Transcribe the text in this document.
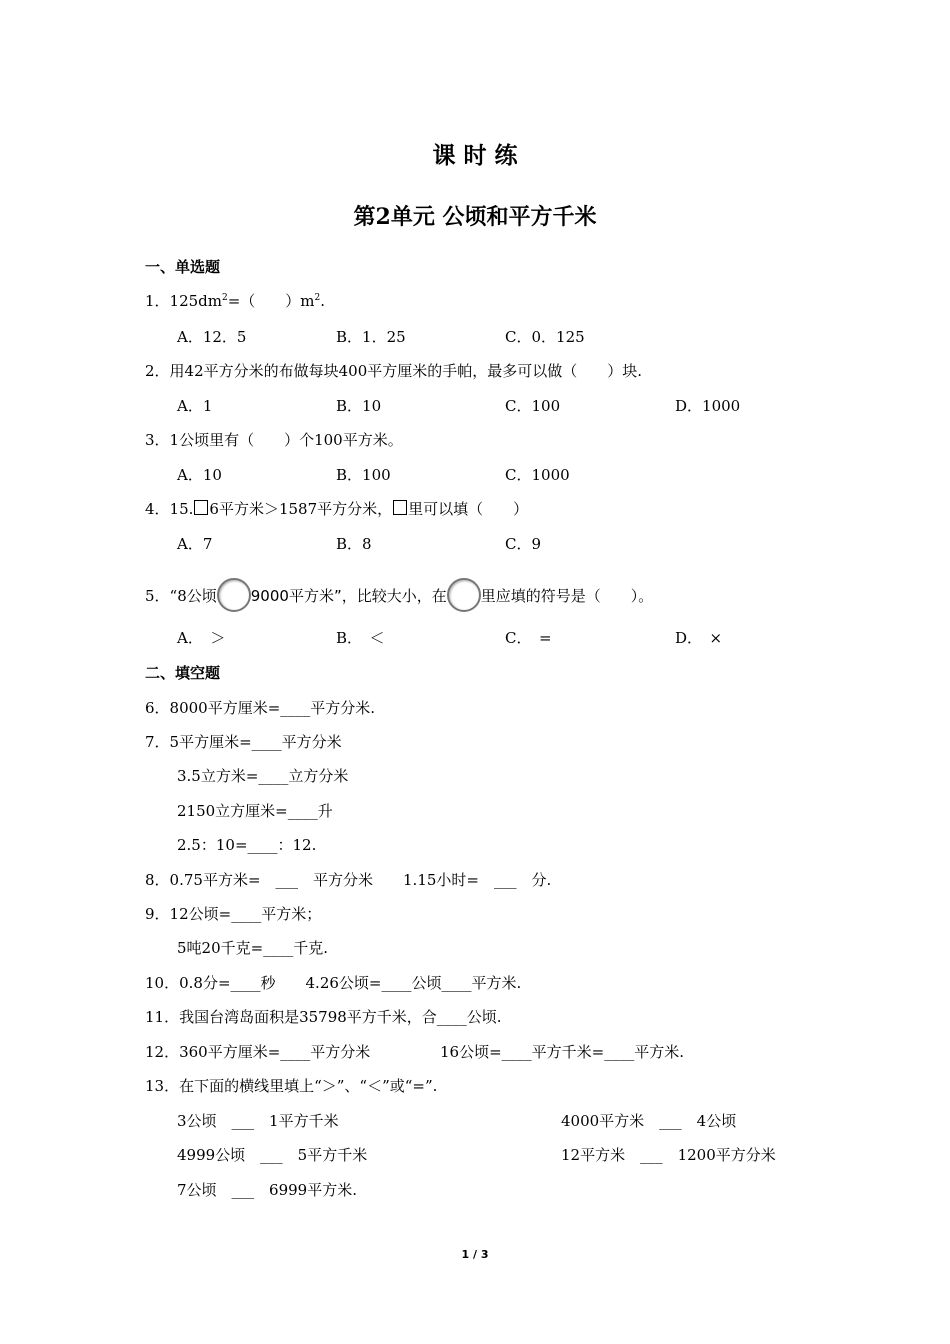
课 时 练
第2单元 公顷和平方千米
一、单选题
1．$125dm^2=$（　　）$m^2$.
A．12．5	B．1．25	C．0．125
2．用42平方分米的布做每块400平方厘米的手帕，最多可以做（　　）块.
A．1	B．10	C．100	D．1000
3．1公顷里有（　　）个100平方米。
A．10	B．100	C．1000
4．15. 6平方米＞1587平方分米， 里可以填（　　）
A．7	B．8	C．9
5．“8公顷 9000平方米”，比较大小，在 里应填的符号是（　　）。
A．　＞	B．　＜	C．　=	D．　×
二、填空题
6．8000平方厘米=____平方分米.
7．5平方厘米=____平方分米
3.5立方米=____立方分米
2150立方厘米=____升
2.5：10=____：12.
8．0.75平方米=　___　平方分米　　1.15小时=　___　分.
9．12公顷=____平方米；
5吨20千克=____千克.
10．0.8分=____秒　　4.26公顷=____公顷____平方米.
11．我国台湾岛面积是35798平方千米，合____公顷.
12．360平方厘米=____平方分米	16公顷=____平方千米=____平方米.
13．在下面的横线里填上“＞”、“＜”或“=”.
3公顷　___　1平方千米	4000平方米　___　4公顷
4999公顷　___　5平方千米	12平方米　___　1200平方分米
7公顷　___　6999平方米.
1 / 3
